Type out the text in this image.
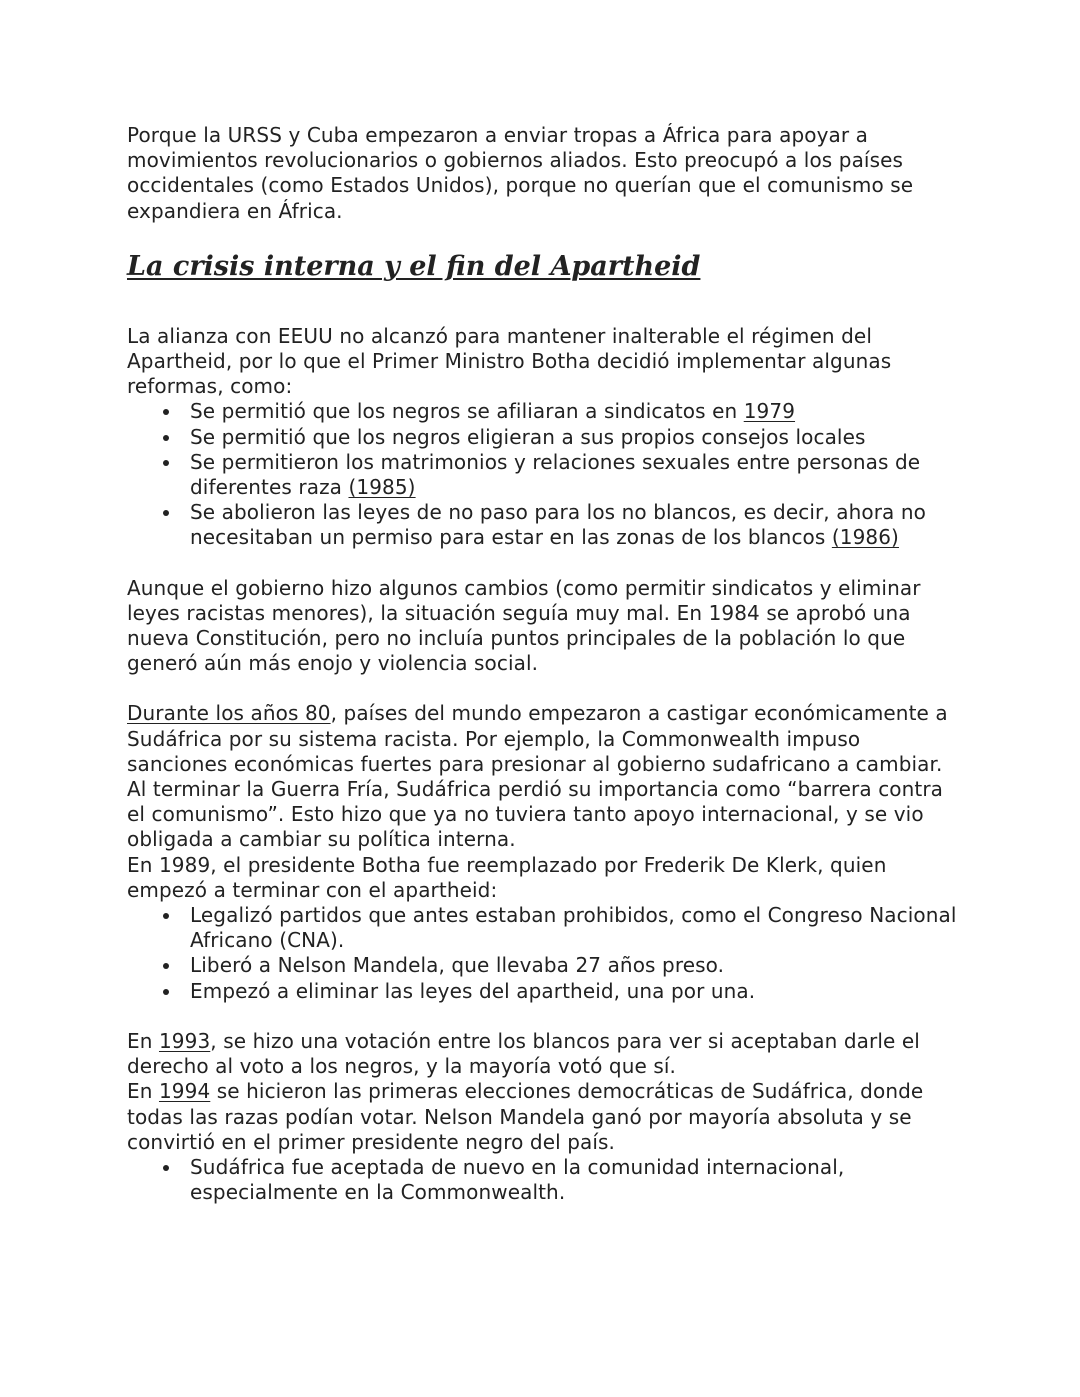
Porque la URSS y Cuba empezaron a enviar tropas a África para apoyar a movimientos revolucionarios o gobiernos aliados. Esto preocupó a los países occidentales (como Estados Unidos), porque no querían que el comunismo se expandiera en África.

La crisis interna y el fin del Apartheid

La alianza con EEUU no alcanzó para mantener inalterable el régimen del Apartheid, por lo que el Primer Ministro Botha decidió implementar algunas reformas, como:

Se permitió que los negros se afiliaran a sindicatos en 1979
Se permitió que los negros eligieran a sus propios consejos locales
Se permitieron los matrimonios y relaciones sexuales entre personas de diferentes raza (1985)
Se abolieron las leyes de no paso para los no blancos, es decir, ahora no necesitaban un permiso para estar en las zonas de los blancos (1986)

Aunque el gobierno hizo algunos cambios (como permitir sindicatos y eliminar leyes racistas menores), la situación seguía muy mal. En 1984 se aprobó una nueva Constitución, pero no incluía puntos principales de la población lo que generó aún más enojo y violencia social.

Durante los años 80, países del mundo empezaron a castigar económicamente a Sudáfrica por su sistema racista. Por ejemplo, la Commonwealth impuso sanciones económicas fuertes para presionar al gobierno sudafricano a cambiar.

Al terminar la Guerra Fría, Sudáfrica perdió su importancia como “barrera contra el comunismo”. Esto hizo que ya no tuviera tanto apoyo internacional, y se vio obligada a cambiar su política interna.

En 1989, el presidente Botha fue reemplazado por Frederik De Klerk, quien empezó a terminar con el apartheid:

Legalizó partidos que antes estaban prohibidos, como el Congreso Nacional Africano (CNA).
Liberó a Nelson Mandela, que llevaba 27 años preso.
Empezó a eliminar las leyes del apartheid, una por una.

En 1993, se hizo una votación entre los blancos para ver si aceptaban darle el derecho al voto a los negros, y la mayoría votó que sí.

En 1994 se hicieron las primeras elecciones democráticas de Sudáfrica, donde todas las razas podían votar. Nelson Mandela ganó por mayoría absoluta y se convirtió en el primer presidente negro del país.

Sudáfrica fue aceptada de nuevo en la comunidad internacional, especialmente en la Commonwealth.
